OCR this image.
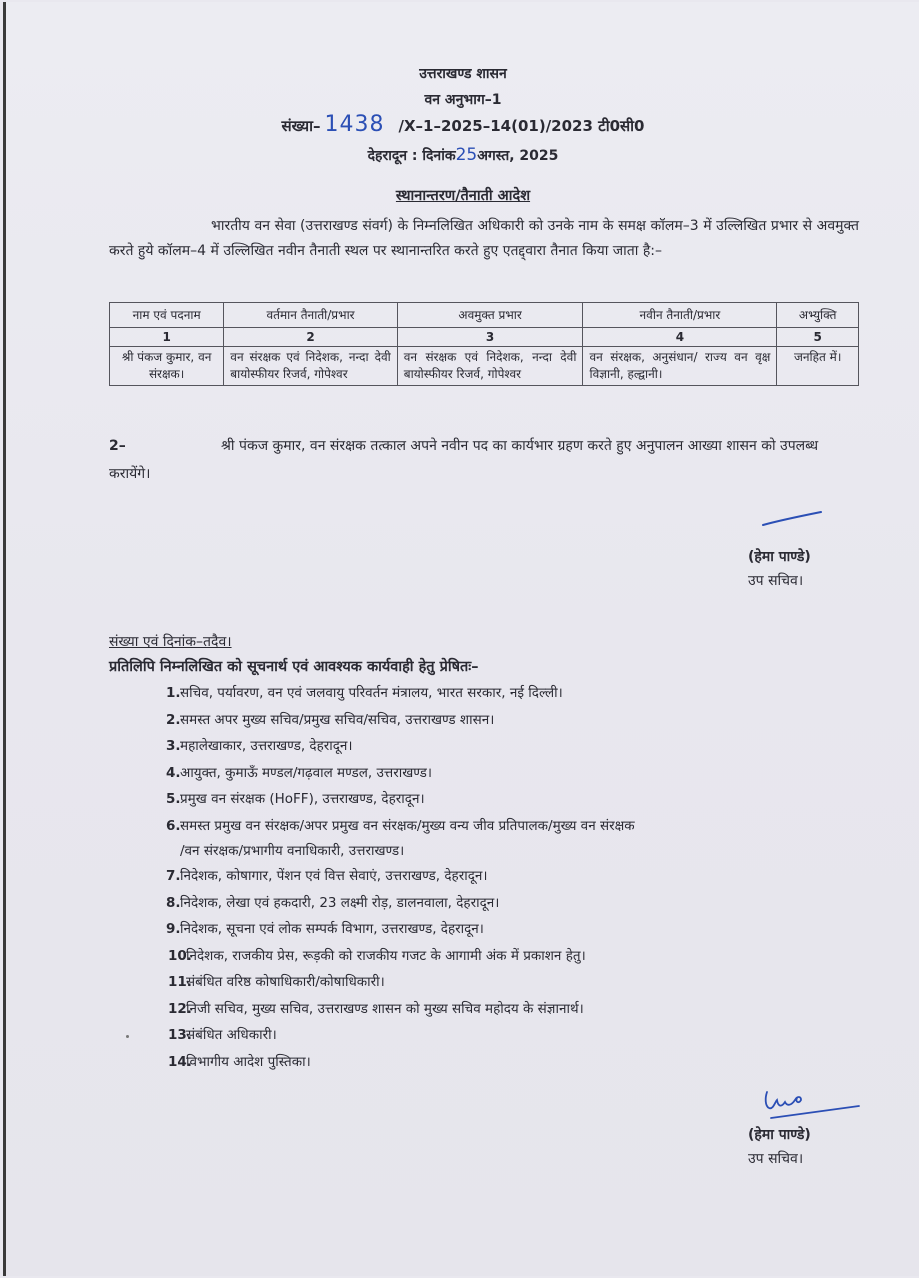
उत्तराखण्ड शासन
वन अनुभाग–1
संख्या– 1438 /X–1–2025–14(01)/2023 टी0सी0
देहरादून : दिनांक25अगस्त, 2025
स्थानान्तरण/तैनाती आदेश
भारतीय वन सेवा (उत्तराखण्ड संवर्ग) के निम्नलिखित अधिकारी को उनके नाम के समक्ष कॉलम–3 में उल्लिखित प्रभार से अवमुक्त करते हुये कॉलम–4 में उल्लिखित नवीन तैनाती स्थल पर स्थानान्तरित करते हुए एतद्द्वारा तैनात किया जाता है:–
नाम एवं पदनाम	वर्तमान तैनाती/प्रभार	अवमुक्त प्रभार	नवीन तैनाती/प्रभार	अभ्युक्ति
1	2	3	4	5
श्री पंकज कुमार, वन संरक्षक।	वन संरक्षक एवं निदेशक, नन्दा देवी बायोस्फीयर रिजर्व, गोपेश्वर	वन संरक्षक एवं निदेशक, नन्दा देवी बायोस्फीयर रिजर्व, गोपेश्वर	वन संरक्षक, अनुसंधान/ राज्य वन वृक्ष विज्ञानी, हल्द्वानी।	जनहित में।
2–	श्री पंकज कुमार, वन संरक्षक तत्काल अपने नवीन पद का कार्यभार ग्रहण करते हुए अनुपालन आख्या शासन को उपलब्ध करायेंगे।
(हेमा पाण्डे)
उप सचिव।
संख्या एवं दिनांक–तदैव।
प्रतिलिपि निम्नलिखित को सूचनार्थ एवं आवश्यक कार्यवाही हेतु प्रेषितः–
1. सचिव, पर्यावरण, वन एवं जलवायु परिवर्तन मंत्रालय, भारत सरकार, नई दिल्ली।
2. समस्त अपर मुख्य सचिव/प्रमुख सचिव/सचिव, उत्तराखण्ड शासन।
3. महालेखाकार, उत्तराखण्ड, देहरादून।
4. आयुक्त, कुमाऊँ मण्डल/गढ़वाल मण्डल, उत्तराखण्ड।
5. प्रमुख वन संरक्षक (HoFF), उत्तराखण्ड, देहरादून।
6. समस्त प्रमुख वन संरक्षक/अपर प्रमुख वन संरक्षक/मुख्य वन्य जीव प्रतिपालक/मुख्य वन संरक्षक
/वन संरक्षक/प्रभागीय वनाधिकारी, उत्तराखण्ड।
7. निदेशक, कोषागार, पेंशन एवं वित्त सेवाएं, उत्तराखण्ड, देहरादून।
8. निदेशक, लेखा एवं हकदारी, 23 लक्ष्मी रोड़, डालनवाला, देहरादून।
9. निदेशक, सूचना एवं लोक सम्पर्क विभाग, उत्तराखण्ड, देहरादून।
10.
निदेशक, राजकीय प्रेस, रूड़की को राजकीय गजट के आगामी अंक में प्रकाशन हेतु।
11.
संबंधित वरिष्ठ कोषाधिकारी/कोषाधिकारी।
12.
निजी सचिव, मुख्य सचिव, उत्तराखण्ड शासन को मुख्य सचिव महोदय के संज्ञानार्थ।
13.
संबंधित अधिकारी।
14.
विभागीय आदेश पुस्तिका।
(हेमा पाण्डे)
उप सचिव।
